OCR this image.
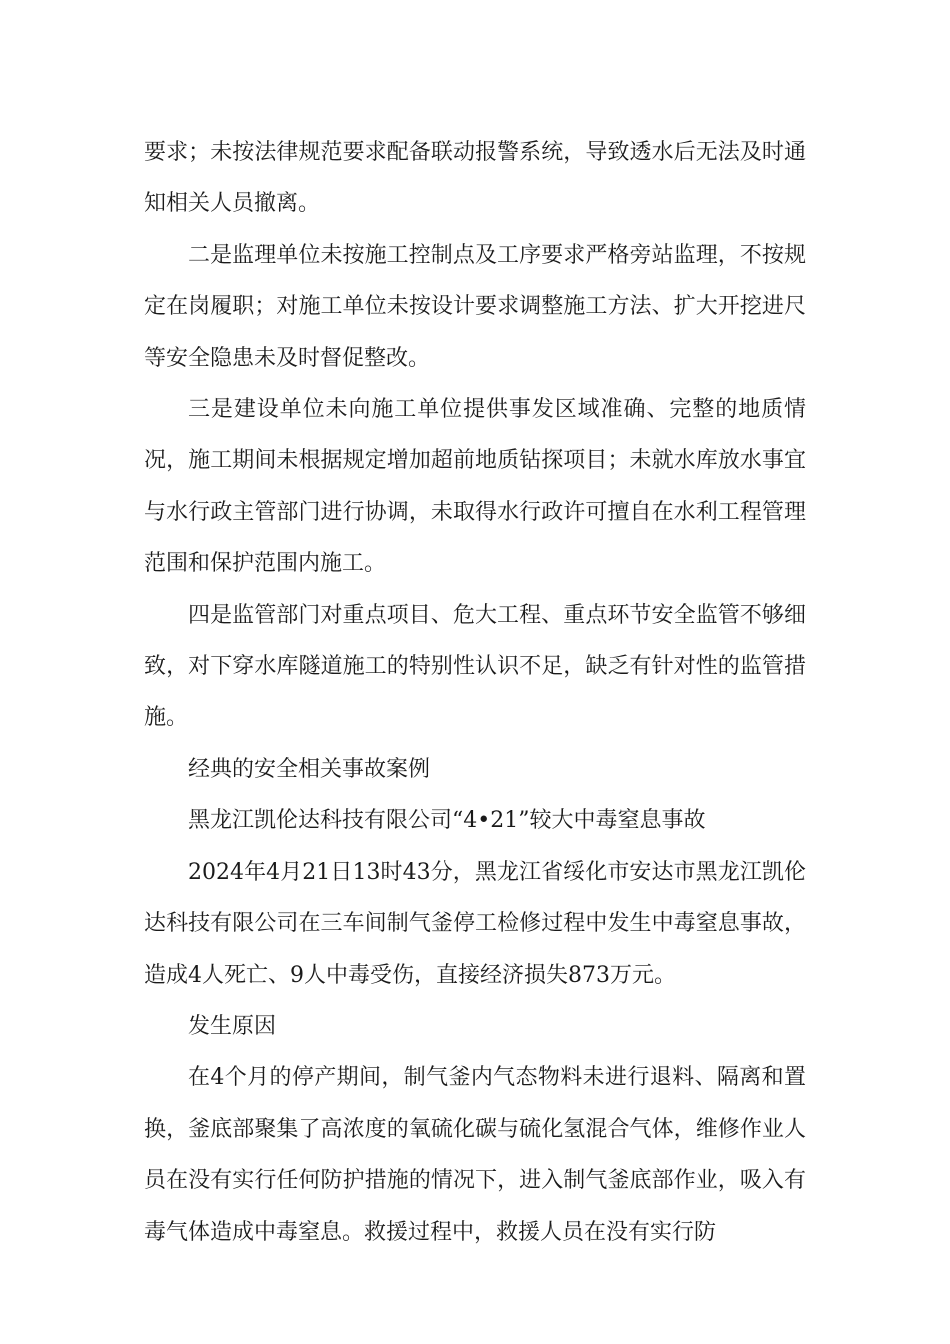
要求；未按法律规范要求配备联动报警系统，导致透水后无法及时通知相关人员撤离。

二是监理单位未按施工控制点及工序要求严格旁站监理，不按规定在岗履职；对施工单位未按设计要求调整施工方法、扩大开挖进尺等安全隐患未及时督促整改。

三是建设单位未向施工单位提供事发区域准确、完整的地质情况，施工期间未根据规定增加超前地质钻探项目；未就水库放水事宜与水行政主管部门进行协调，未取得水行政许可擅自在水利工程管理范围和保护范围内施工。

四是监管部门对重点项目、危大工程、重点环节安全监管不够细致，对下穿水库隧道施工的特别性认识不足，缺乏有针对性的监管措施。

经典的安全相关事故案例

黑龙江凯伦达科技有限公司“4•21”较大中毒窒息事故

2024年4月21日13时43分，黑龙江省绥化市安达市黑龙江凯伦达科技有限公司在三车间制气釜停工检修过程中发生中毒窒息事故，造成4人死亡、9人中毒受伤，直接经济损失873万元。

发生原因

在4个月的停产期间，制气釜内气态物料未进行退料、隔离和置换，釜底部聚集了高浓度的氧硫化碳与硫化氢混合气体，维修作业人员在没有实行任何防护措施的情况下，进入制气釜底部作业，吸入有毒气体造成中毒窒息。救援过程中，救援人员在没有实行防
